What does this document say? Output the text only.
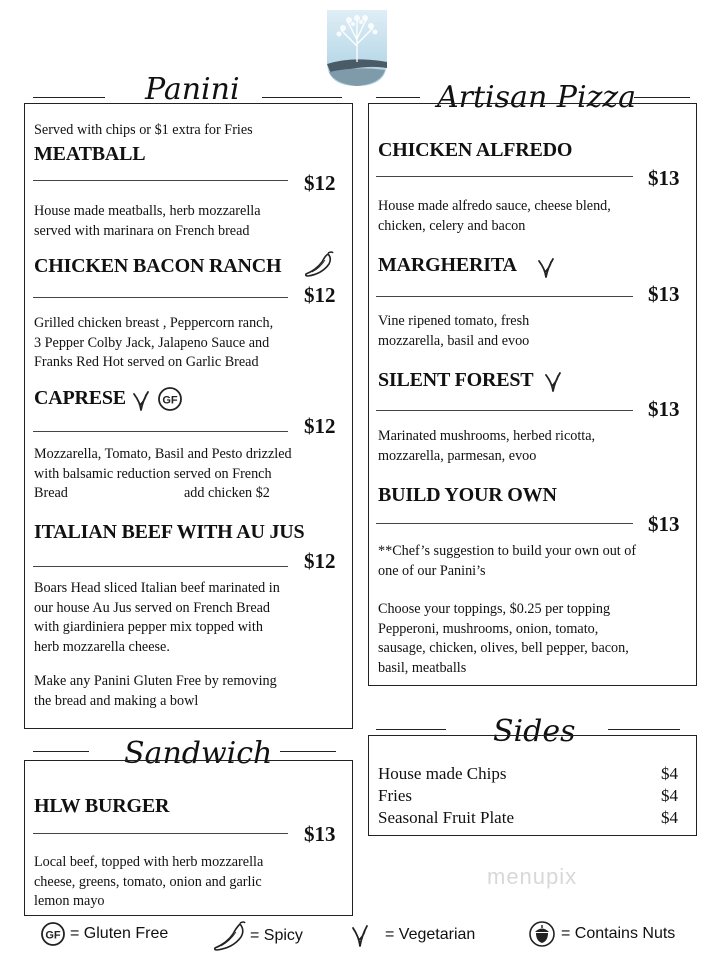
Panini
Served with chips or $1 extra for Fries
MEATBALL
$12
House made meatballs, herb mozzarella
served with marinara on French bread
CHICKEN BACON RANCH
$12
Grilled chicken breast , Peppercorn ranch,
3 Pepper Colby Jack, Jalapeno Sauce and
Franks Red Hot served on Garlic Bread
CAPRESE	GF
$12
Mozzarella, Tomato, Basil and Pesto drizzled
with balsamic reduction served on French
Bread	add chicken $2
ITALIAN BEEF WITH AU JUS
$12
Boars Head sliced Italian beef marinated in
our house Au Jus served on French Bread
with giardiniera pepper mix topped with
herb mozzarella cheese.
Make any Panini Gluten Free by removing
the bread and making a bowl
Artisan Pizza
CHICKEN ALFREDO
$13
House made alfredo sauce, cheese blend,
chicken, celery and bacon
MARGHERITA
$13
Vine ripened tomato, fresh
mozzarella, basil and evoo
SILENT FOREST
$13
Marinated mushrooms, herbed ricotta,
mozzarella, parmesan, evoo
BUILD YOUR OWN
$13
**Chef’s suggestion to build your own out of
one of our Panini’s
Choose your toppings, $0.25 per topping
Pepperoni, mushrooms, onion, tomato,
sausage, chicken, olives, bell pepper, bacon,
basil, meatballs
Sandwich
HLW BURGER
$13
Local beef, topped with herb mozzarella
cheese, greens, tomato, onion and garlic
lemon mayo
Sides
House made Chips	$4
Fries	$4
Seasonal Fruit Plate	$4
menupix
GF = Gluten Free	= Spicy	= Vegetarian	= Contains Nuts
